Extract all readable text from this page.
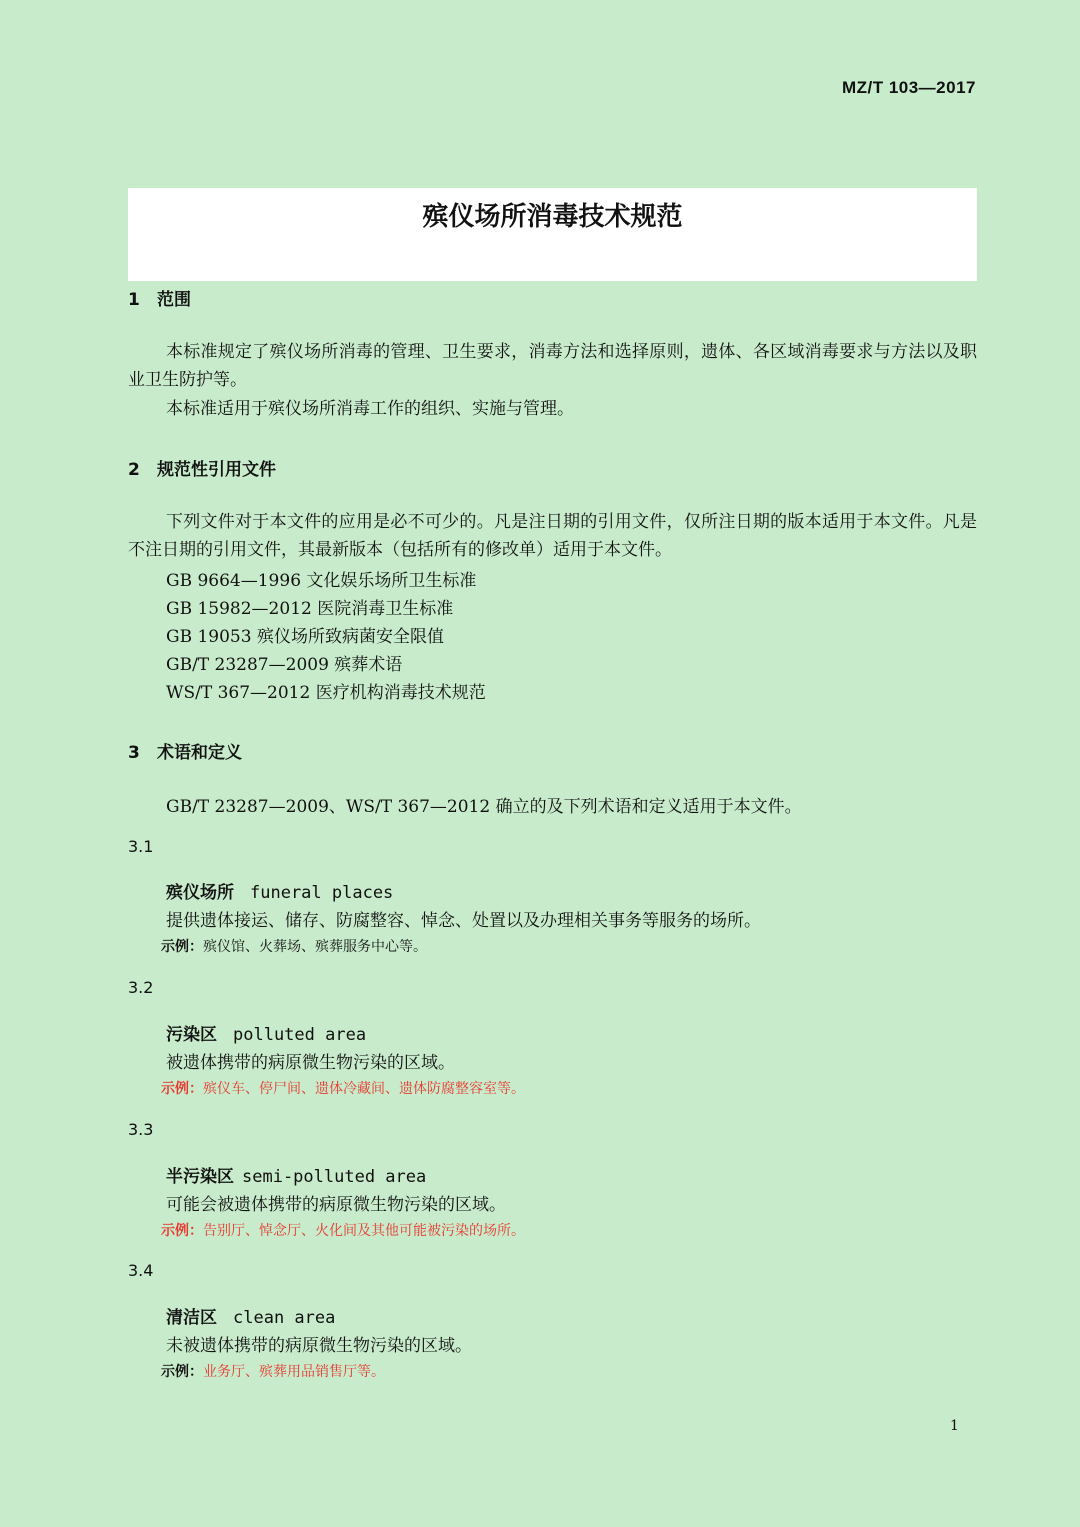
MZ/T 103—2017
殡仪场所消毒技术规范
1 范围
本标准规定了殡仪场所消毒的管理、卫生要求，消毒方法和选择原则，遗体、各区域消毒要求与方法以及职业卫生防护等。
本标准适用于殡仪场所消毒工作的组织、实施与管理。
2 规范性引用文件
下列文件对于本文件的应用是必不可少的。凡是注日期的引用文件，仅所注日期的版本适用于本文件。凡是不注日期的引用文件，其最新版本（包括所有的修改单）适用于本文件。
GB 9664—1996 文化娱乐场所卫生标准
GB 15982—2012 医院消毒卫生标准
GB 19053 殡仪场所致病菌安全限值
GB/T 23287—2009 殡葬术语
WS/T 367—2012 医疗机构消毒技术规范
3 术语和定义
GB/T 23287—2009、WS/T 367—2012 确立的及下列术语和定义适用于本文件。
3.1
殡仪场所 funeral places
提供遗体接运、储存、防腐整容、悼念、处置以及办理相关事务等服务的场所。
示例：殡仪馆、火葬场、殡葬服务中心等。
3.2
污染区 polluted area
被遗体携带的病原微生物污染的区域。
示例：殡仪车、停尸间、遗体冷藏间、遗体防腐整容室等。
3.3
半污染区 semi-polluted area
可能会被遗体携带的病原微生物污染的区域。
示例：告别厅、悼念厅、火化间及其他可能被污染的场所。
3.4
清洁区 clean area
未被遗体携带的病原微生物污染的区域。
示例：业务厅、殡葬用品销售厅等。
1
